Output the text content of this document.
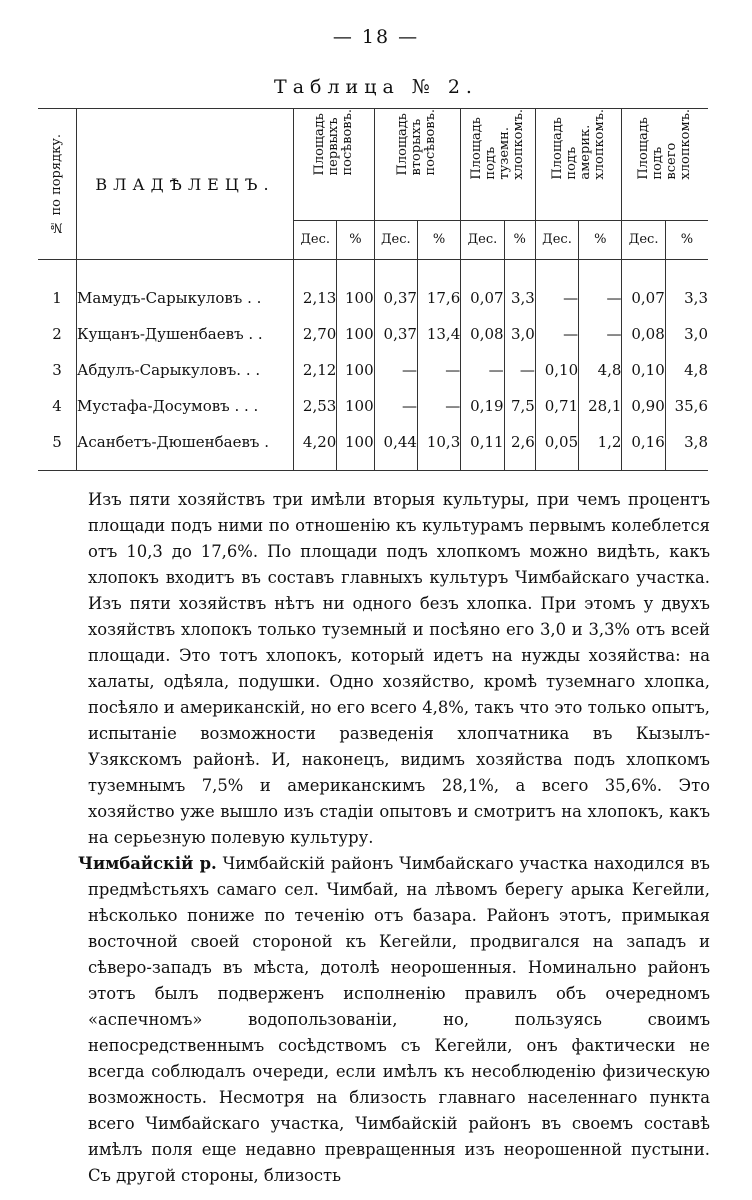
— 18 —
Таблица № 2.
№ по порядку.	ВЛАДѢЛЕЦЪ.	Площадь
первыхъ
посѣвовъ.		Площадь
вторыхъ
посѣвовъ.		Площадь
подъ
туземн.
хлопкомъ.		Площадь
подъ
америк.
хлопкомъ.		Площадь
подъ
всего
хлопкомъ.	

		Дес.	%	Дес.	%	Дес.	%	Дес.	%	Дес.	%

1	Мамудъ-Сарыкуловъ . .	2,13	100	0,37	17,6	0,07	3,3	—	—	0,07	3,3
2	Кущанъ-Душенбаевъ . .	2,70	100	0,37	13,4	0,08	3,0	—	—	0,08	3,0
3	Абдулъ-Сарыкуловъ. . .	2,12	100	—	—	—	—	0,10	4,8	0,10	4,8
4	Мустафа-Досумовъ . . .	2,53	100	—	—	0,19	7,5	0,71	28,1	0,90	35,6
5	Асанбетъ-Дюшенбаевъ .	4,20	100	0,44	10,3	0,11	2,6	0,05	1,2	0,16	3,8

Изъ пяти хозяйствъ три имѣли вторыя культуры, при чемъ процентъ площади подъ ними по отношенію къ культурамъ первымъ колеблется отъ 10,3 до 17,6%. По площади подъ хлопкомъ можно видѣть, какъ хлопокъ входитъ въ составъ главныхъ культуръ Чимбайскаго участка. Изъ пяти хозяйствъ нѣтъ ни одного безъ хлопка. При этомъ у двухъ хозяйствъ хлопокъ только туземный и посѣяно его 3,0 и 3,3% отъ всей площади. Это тотъ хлопокъ, который идетъ на нужды хозяйства: на халаты, одѣяла, подушки. Одно хозяйство, кромѣ туземнаго хлопка, посѣяло и американскій, но его всего 4,8%, такъ что это только опытъ, испытаніе возможности разведенія хлопчатника въ Кызылъ-Узякскомъ районѣ. И, наконецъ, видимъ хозяйства подъ хлопкомъ туземнымъ 7,5% и американскимъ 28,1%, а всего 35,6%. Это хозяйство уже вышло изъ стадіи опытовъ и смотритъ на хлопокъ, какъ на серьезную полевую культуру.

Чимбайскій р. Чимбайскій районъ Чимбайскаго участка находился въ предмѣстьяхъ самаго сел. Чимбай, на лѣвомъ берегу арыка Кегейли, нѣсколько пониже по теченію отъ базара. Районъ этотъ, примыкая восточной своей стороной къ Кегейли, продвигался на западъ и сѣверо-западъ въ мѣста, дотолѣ неорошенныя. Номинально районъ этотъ былъ подверженъ исполненію правилъ объ очередномъ «аспечномъ» водопользованіи, но, пользуясь своимъ непосредственнымъ сосѣдствомъ съ Кегейли, онъ фактически не всегда соблюдалъ очереди, если имѣлъ къ несоблюденію физическую возможность. Несмотря на близость главнаго населеннаго пункта всего Чимбайскаго участка, Чимбайскій районъ въ своемъ составѣ имѣлъ поля еще недавно превращенныя изъ неорошенной пустыни. Съ другой стороны, близость
